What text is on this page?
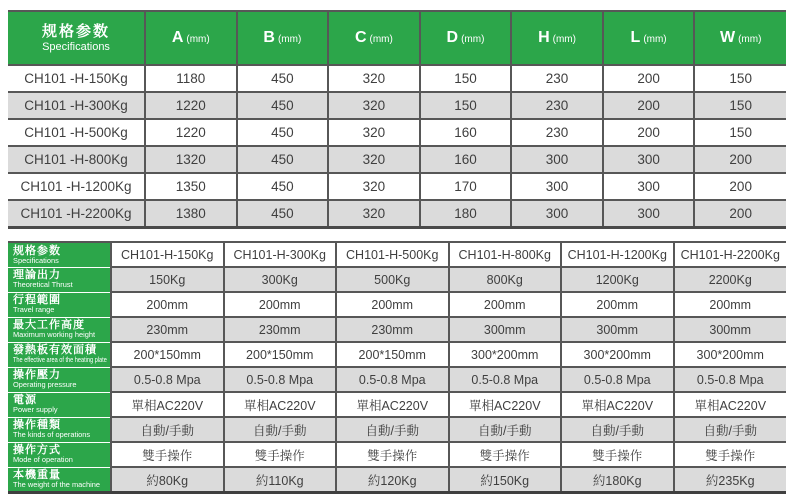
规格参数
Specifications	A (mm)	B (mm)	C (mm)	D (mm)	H (mm)	L (mm)	W (mm)
CH101 -H-150Kg	1180	450	320	150	230	200	150
CH101 -H-300Kg	1220	450	320	150	230	200	150
CH101 -H-500Kg	1220	450	320	160	230	200	150
CH101 -H-800Kg	1320	450	320	160	300	300	200
CH101 -H-1200Kg	1350	450	320	170	300	300	200
CH101 -H-2200Kg	1380	450	320	180	300	300	200
规格参数
Specifications	CH101-H-150Kg	CH101-H-300Kg	CH101-H-500Kg	CH101-H-800Kg	CH101-H-1200Kg	CH101-H-2200Kg

理論出力
Theoretical Thrust	150Kg	300Kg	500Kg	800Kg	1200Kg	2200Kg

行程範圍
Travel range	200mm	200mm	200mm	200mm	200mm	200mm

最大工作高度
Maximum working height	230mm	230mm	230mm	300mm	300mm	300mm

發熱板有效面積
The effective area of the heating plate	200*150mm	200*150mm	200*150mm	300*200mm	300*200mm	300*200mm

操作壓力
Operating pressure	0.5-0.8 Mpa	0.5-0.8 Mpa	0.5-0.8 Mpa	0.5-0.8 Mpa	0.5-0.8 Mpa	0.5-0.8 Mpa

電源
Power supply	單相AC220V	單相AC220V	單相AC220V	單相AC220V	單相AC220V	單相AC220V

操作種類
The kinds of operations	自動/手動	自動/手動	自動/手動	自動/手動	自動/手動	自動/手動

操作方式
Mode of operation	雙手操作	雙手操作	雙手操作	雙手操作	雙手操作	雙手操作

本機重量
The weight of the machine	約80Kg	約110Kg	約120Kg	約150Kg	約180Kg	約235Kg
